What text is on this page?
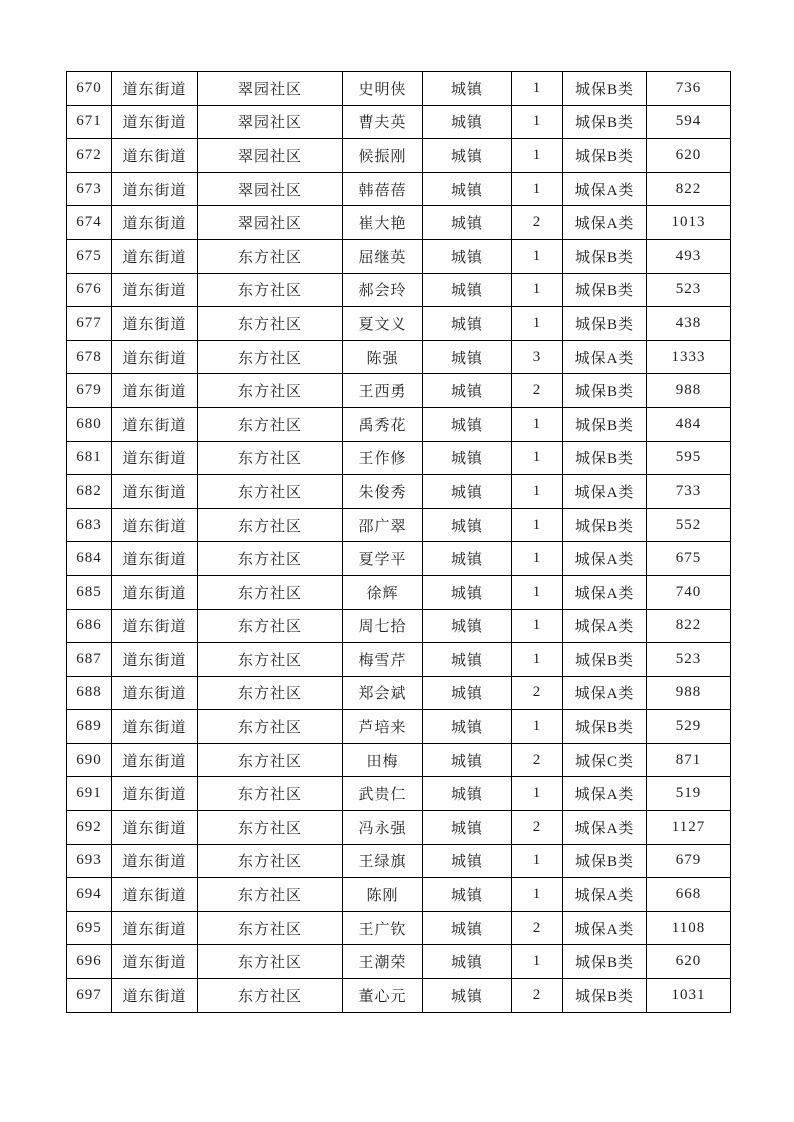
670	道东街道	翠园社区	史明侠	城镇	1	城保B类	736
671	道东街道	翠园社区	曹夫英	城镇	1	城保B类	594
672	道东街道	翠园社区	候振刚	城镇	1	城保B类	620
673	道东街道	翠园社区	韩蓓蓓	城镇	1	城保A类	822
674	道东街道	翠园社区	崔大艳	城镇	2	城保A类	1013
675	道东街道	东方社区	屈继英	城镇	1	城保B类	493
676	道东街道	东方社区	郝会玲	城镇	1	城保B类	523
677	道东街道	东方社区	夏文义	城镇	1	城保B类	438
678	道东街道	东方社区	陈强	城镇	3	城保A类	1333
679	道东街道	东方社区	王西勇	城镇	2	城保B类	988
680	道东街道	东方社区	禹秀花	城镇	1	城保B类	484
681	道东街道	东方社区	王作修	城镇	1	城保B类	595
682	道东街道	东方社区	朱俊秀	城镇	1	城保A类	733
683	道东街道	东方社区	邵广翠	城镇	1	城保B类	552
684	道东街道	东方社区	夏学平	城镇	1	城保A类	675
685	道东街道	东方社区	徐辉	城镇	1	城保A类	740
686	道东街道	东方社区	周七拾	城镇	1	城保A类	822
687	道东街道	东方社区	梅雪芹	城镇	1	城保B类	523
688	道东街道	东方社区	郑会斌	城镇	2	城保A类	988
689	道东街道	东方社区	芦培来	城镇	1	城保B类	529
690	道东街道	东方社区	田梅	城镇	2	城保C类	871
691	道东街道	东方社区	武贵仁	城镇	1	城保A类	519
692	道东街道	东方社区	冯永强	城镇	2	城保A类	1127
693	道东街道	东方社区	王绿旗	城镇	1	城保B类	679
694	道东街道	东方社区	陈刚	城镇	1	城保A类	668
695	道东街道	东方社区	王广钦	城镇	2	城保A类	1108
696	道东街道	东方社区	王潮荣	城镇	1	城保B类	620
697	道东街道	东方社区	董心元	城镇	2	城保B类	1031
